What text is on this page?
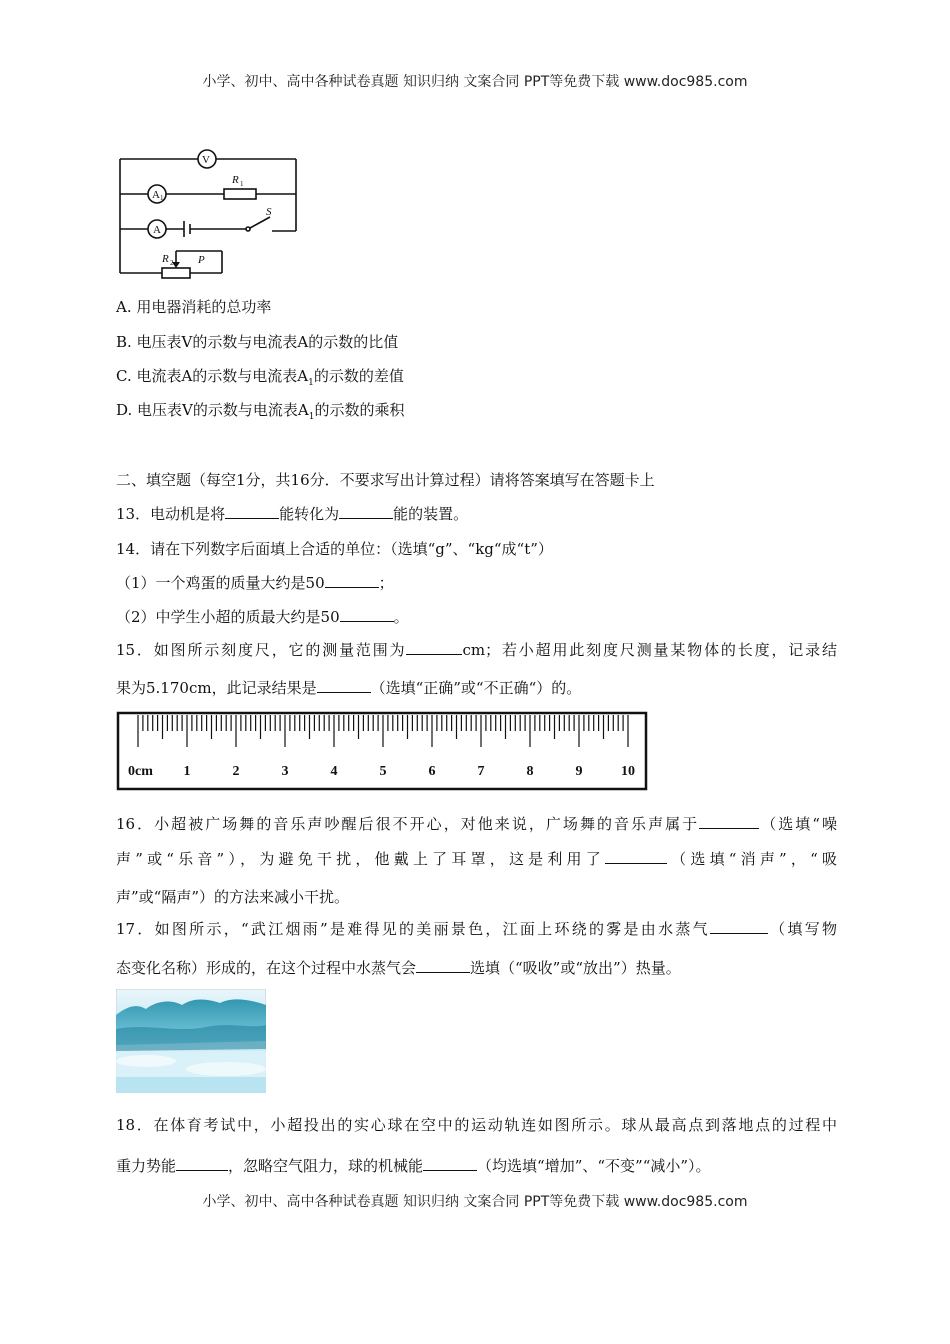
小学、初中、高中各种试卷真题 知识归纳 文案合同 PPT等免费下载 www.doc985.com
V
A 1
A
R 1
S
R 2 P
A. 用电器消耗的总功率
B. 电压表V的示数与电流表A的示数的比值
C. 电流表A的示数与电流表$A_1$的示数的差值
D. 电压表V的示数与电流表$A_1$的示数的乘积
二、填空题（每空1分，共16分．不要求写出计算过程）请将答案填写在答题卡上
13．电动机是将	能转化为	能的装置。
14．请在下列数字后面填上合适的单位：（选填“g”、“kg“成“t”）
（1）一个鸡蛋的质量大约是50	；
（2）中学生小超的质最大约是50	。
15．如图所示刻度尺，它的测量范围为	cm；若小超用此刻度尺测量某物体的长度，记录结
果为5.170cm，此记录结果是	（选填“正确”或“不正确“）的。
0cm 1	2	3	4	5	6	7	8	9	10
16．小超被广场舞的音乐声吵醒后很不开心，对他来说，广场舞的音乐声属于	（选填“噪
声”或“乐音”），为避免干扰，他戴上了耳罩，这是利用了	（选填“消声”，“吸
声”或“隔声”）的方法来减小干扰。
17．如图所示，“武江烟雨”是难得见的美丽景色，江面上环绕的雾是由水蒸气	（填写物
态变化名称）形成的，在这个过程中水蒸气会	选填（“吸收”或“放出”）热量。
18．在体育考试中，小超投出的实心球在空中的运动轨连如图所示。球从最高点到落地点的过程中
重力势能	，忽略空气阻力，球的机械能	（均选填“增加”、“不变”“减小”）。
小学、初中、高中各种试卷真题 知识归纳 文案合同 PPT等免费下载 www.doc985.com
